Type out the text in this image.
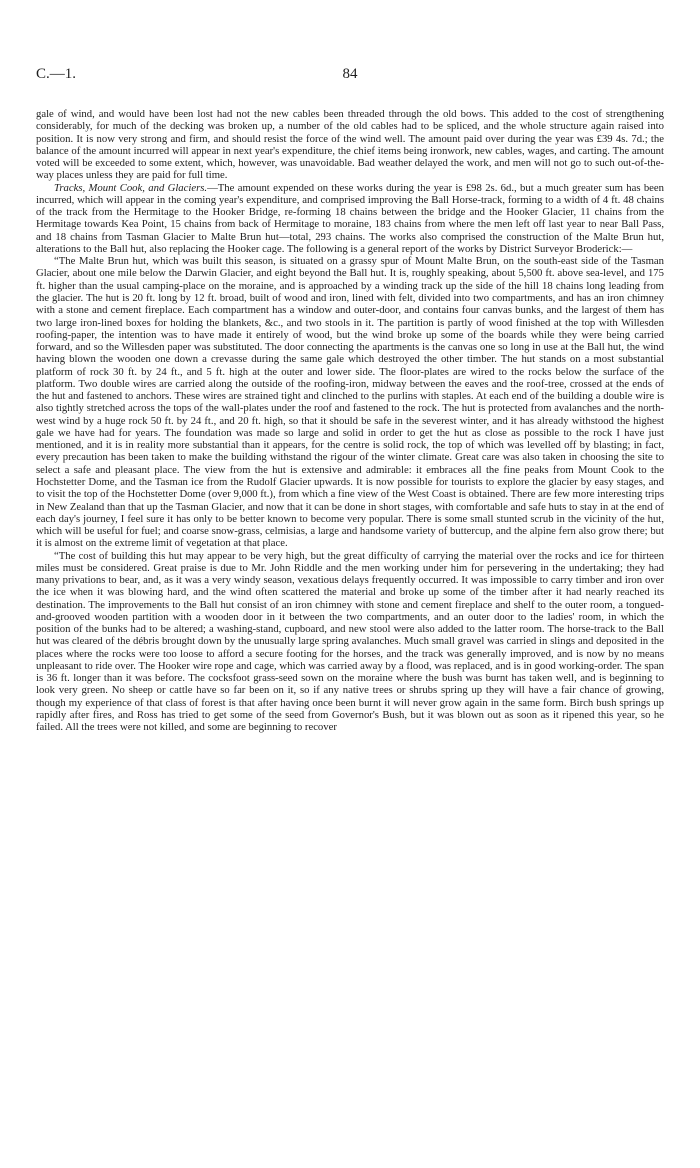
C.—1.	84

gale of wind, and would have been lost had not the new cables been threaded through the old bows. This added to the cost of strengthening considerably, for much of the decking was broken up, a number of the old cables had to be spliced, and the whole structure again raised into position. It is now very strong and firm, and should resist the force of the wind well. The amount paid over during the year was £39 4s. 7d.; the balance of the amount incurred will appear in next year's expenditure, the chief items being ironwork, new cables, wages, and carting. The amount voted will be exceeded to some extent, which, however, was unavoidable. Bad weather delayed the work, and men will not go to such out-of-the-way places unless they are paid for full time.

Tracks, Mount Cook, and Glaciers.—The amount expended on these works during the year is £98 2s. 6d., but a much greater sum has been incurred, which will appear in the coming year's expenditure, and comprised improving the Ball Horse-track, forming to a width of 4 ft. 48 chains of the track from the Hermitage to the Hooker Bridge, re-forming 18 chains between the bridge and the Hooker Glacier, 11 chains from the Hermitage towards Kea Point, 15 chains from back of Hermitage to moraine, 183 chains from where the men left off last year to near Ball Pass, and 18 chains from Tasman Glacier to Malte Brun hut—total, 293 chains. The works also comprised the construction of the Malte Brun hut, alterations to the Ball hut, also replacing the Hooker cage. The following is a general report of the works by District Surveyor Broderick:—

“The Malte Brun hut, which was built this season, is situated on a grassy spur of Mount Malte Brun, on the south-east side of the Tasman Glacier, about one mile below the Darwin Glacier, and eight beyond the Ball hut. It is, roughly speaking, about 5,500 ft. above sea-level, and 175 ft. higher than the usual camping-place on the moraine, and is approached by a winding track up the side of the hill 18 chains long leading from the glacier. The hut is 20 ft. long by 12 ft. broad, built of wood and iron, lined with felt, divided into two compartments, and has an iron chimney with a stone and cement fireplace. Each compartment has a window and outer-door, and contains four canvas bunks, and the largest of them has two large iron-lined boxes for holding the blankets, &c., and two stools in it. The partition is partly of wood finished at the top with Willesden roofing-paper, the intention was to have made it entirely of wood, but the wind broke up some of the boards while they were being carried forward, and so the Willesden paper was substituted. The door connecting the apartments is the canvas one so long in use at the Ball hut, the wind having blown the wooden one down a crevasse during the same gale which destroyed the other timber. The hut stands on a most substantial platform of rock 30 ft. by 24 ft., and 5 ft. high at the outer and lower side. The floor-plates are wired to the rocks below the surface of the platform. Two double wires are carried along the outside of the roofing-iron, midway between the eaves and the roof-tree, crossed at the ends of the hut and fastened to anchors. These wires are strained tight and clinched to the purlins with staples. At each end of the building a double wire is also tightly stretched across the tops of the wall-plates under the roof and fastened to the rock. The hut is protected from avalanches and the north-west wind by a huge rock 50 ft. by 24 ft., and 20 ft. high, so that it should be safe in the severest winter, and it has already withstood the highest gale we have had for years. The foundation was made so large and solid in order to get the hut as close as possible to the rock I have just mentioned, and it is in reality more substantial than it appears, for the centre is solid rock, the top of which was levelled off by blasting; in fact, every precaution has been taken to make the building withstand the rigour of the winter climate. Great care was also taken in choosing the site to select a safe and pleasant place. The view from the hut is extensive and admirable: it embraces all the fine peaks from Mount Cook to the Hochstetter Dome, and the Tasman ice from the Rudolf Glacier upwards. It is now possible for tourists to explore the glacier by easy stages, and to visit the top of the Hochstetter Dome (over 9,000 ft.), from which a fine view of the West Coast is obtained. There are few more interesting trips in New Zealand than that up the Tasman Glacier, and now that it can be done in short stages, with comfortable and safe huts to stay in at the end of each day's journey, I feel sure it has only to be better known to become very popular. There is some small stunted scrub in the vicinity of the hut, which will be useful for fuel; and coarse snow-grass, celmisias, a large and handsome variety of buttercup, and the alpine fern also grow there; but it is almost on the extreme limit of vegetation at that place.

“The cost of building this hut may appear to be very high, but the great difficulty of carrying the material over the rocks and ice for thirteen miles must be considered. Great praise is due to Mr. John Riddle and the men working under him for persevering in the undertaking; they had many privations to bear, and, as it was a very windy season, vexatious delays frequently occurred. It was impossible to carry timber and iron over the ice when it was blowing hard, and the wind often scattered the material and broke up some of the timber after it had nearly reached its destination. The improvements to the Ball hut consist of an iron chimney with stone and cement fireplace and shelf to the outer room, a tongued-and-grooved wooden partition with a wooden door in it between the two compartments, and an outer door to the ladies' room, in which the position of the bunks had to be altered; a washing-stand, cupboard, and new stool were also added to the latter room. The horse-track to the Ball hut was cleared of the débris brought down by the unusually large spring avalanches. Much small gravel was carried in slings and deposited in the places where the rocks were too loose to afford a secure footing for the horses, and the track was generally improved, and is now by no means unpleasant to ride over. The Hooker wire rope and cage, which was carried away by a flood, was replaced, and is in good working-order. The span is 36 ft. longer than it was before. The cocksfoot grass-seed sown on the moraine where the bush was burnt has taken well, and is beginning to look very green. No sheep or cattle have so far been on it, so if any native trees or shrubs spring up they will have a fair chance of growing, though my experience of that class of forest is that after having once been burnt it will never grow again in the same form. Birch bush springs up rapidly after fires, and Ross has tried to get some of the seed from Governor's Bush, but it was blown out as soon as it ripened this year, so he failed. All the trees were not killed, and some are beginning to recover
